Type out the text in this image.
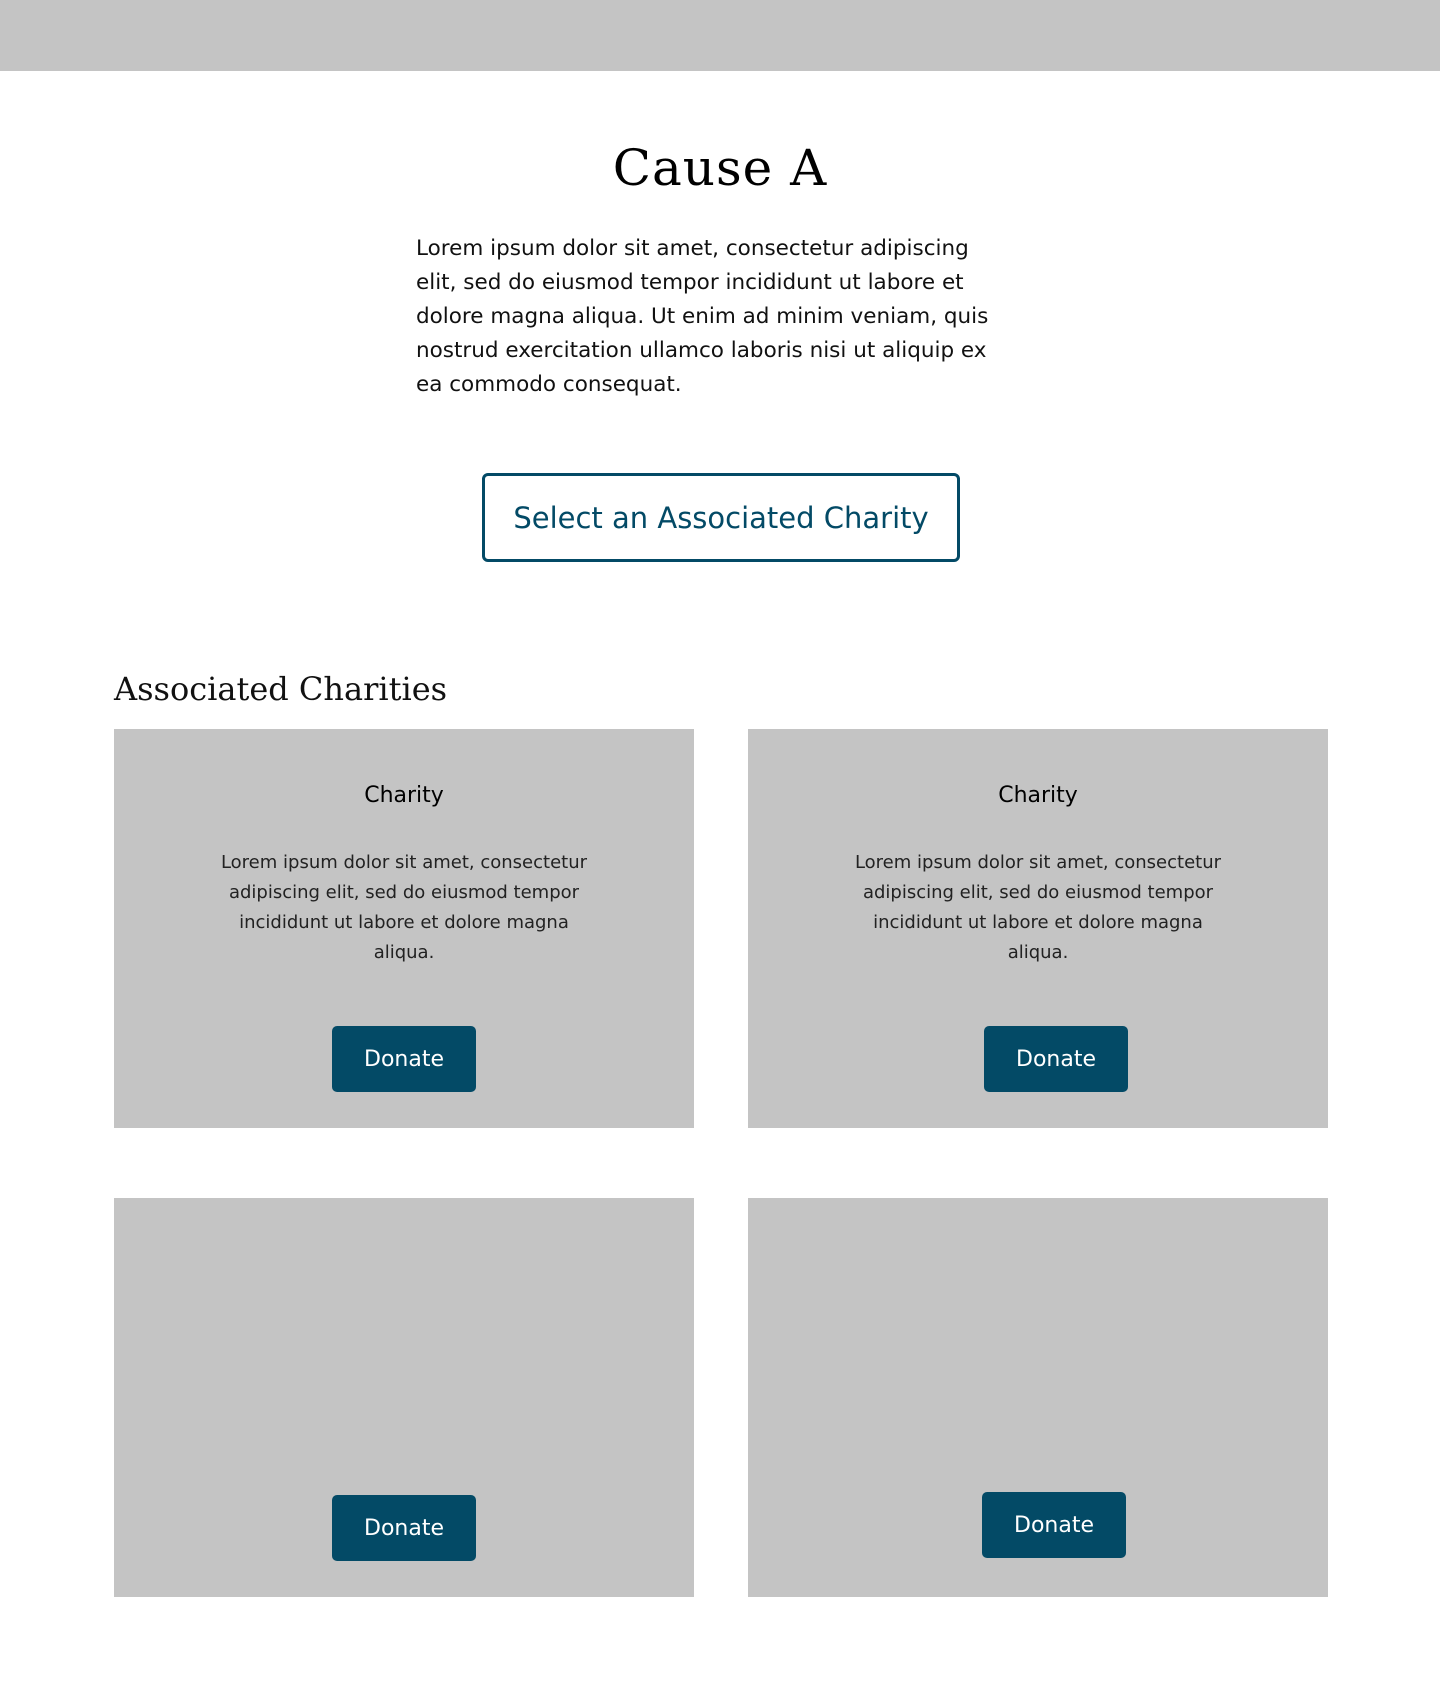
Cause A

Lorem ipsum dolor sit amet, consectetur adipiscing elit, sed do eiusmod tempor incididunt ut labore et dolore magna aliqua. Ut enim ad minim veniam, quis nostrud exercitation ullamco laboris nisi ut aliquip ex ea commodo consequat.

Select an Associated Charity
Associated Charities
Charity

Lorem ipsum dolor sit amet, consectetur adipiscing elit, sed do eiusmod tempor incididunt ut labore et dolore magna aliqua.

Donate
Charity

Lorem ipsum dolor sit amet, consectetur adipiscing elit, sed do eiusmod tempor incididunt ut labore et dolore magna aliqua.

Donate
Donate	Donate
